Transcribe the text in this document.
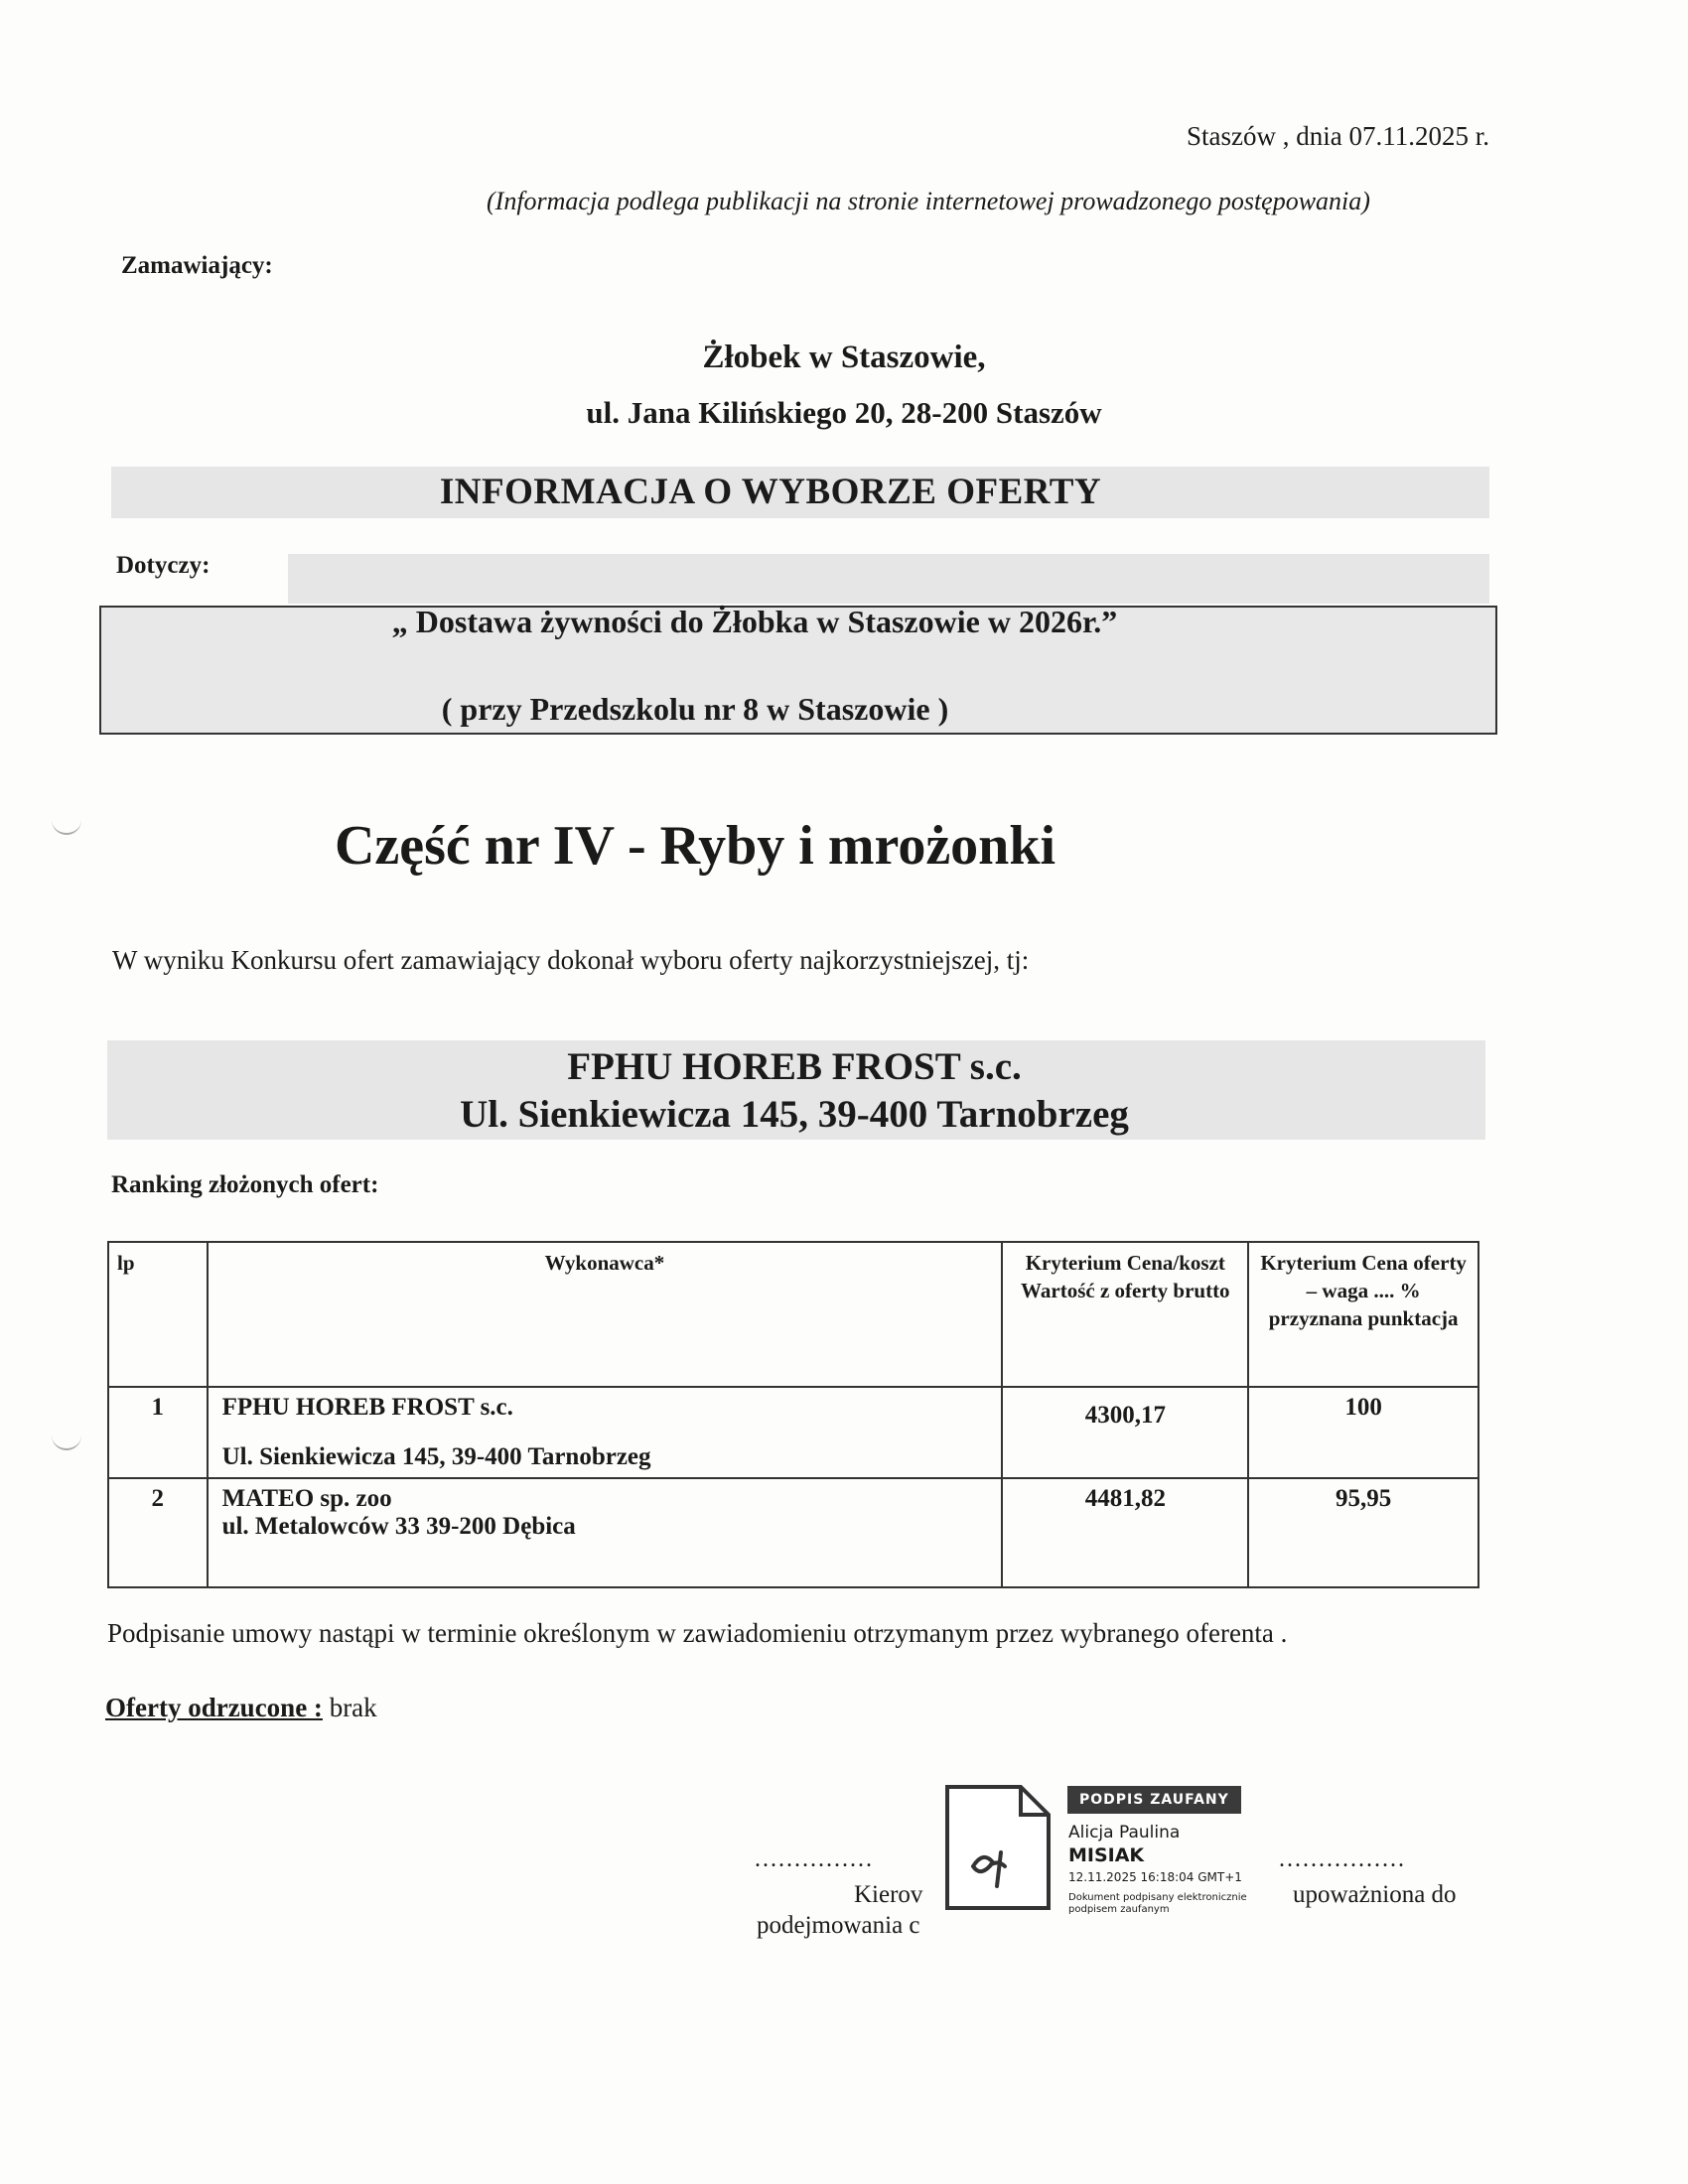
Staszów , dnia 07.11.2025 r.
(Informacja podlega publikacji na stronie internetowej prowadzonego postępowania)
Zamawiający:
Żłobek w Staszowie,
ul. Jana Kilińskiego 20, 28-200 Staszów
INFORMACJA O WYBORZE OFERTY
Dotyczy:
„ Dostawa żywności do Żłobka w Staszowie w 2026r.”
( przy Przedszkolu nr 8 w Staszowie )
Część nr IV - Ryby i mrożonki
W wyniku Konkursu ofert zamawiający dokonał wyboru oferty najkorzystniejszej, tj:
FPHU HOREB FROST s.c.
Ul. Sienkiewicza 145, 39-400 Tarnobrzeg
Ranking złożonych ofert:
lp	Wykonawca*	Kryterium Cena/koszt Wartość z oferty brutto	Kryterium Cena oferty – waga .... % przyznana punktacja
1	FPHU HOREB FROST s.c.
Ul. Sienkiewicza 145, 39-400 Tarnobrzeg	4300,17	100
2	MATEO sp. zoo
ul. Metalowców 33 39-200 Dębica	4481,82	95,95
Podpisanie umowy nastąpi w terminie określonym w zawiadomieniu otrzymanym przez wybranego oferenta .
Oferty odrzucone : brak
...............	................
Kierov
podejmowania c
upoważniona do
PODPIS ZAUFANY
Alicja Paulina
MISIAK
12.11.2025 16:18:04 GMT+1
Dokument podpisany elektronicznie podpisem zaufanym
